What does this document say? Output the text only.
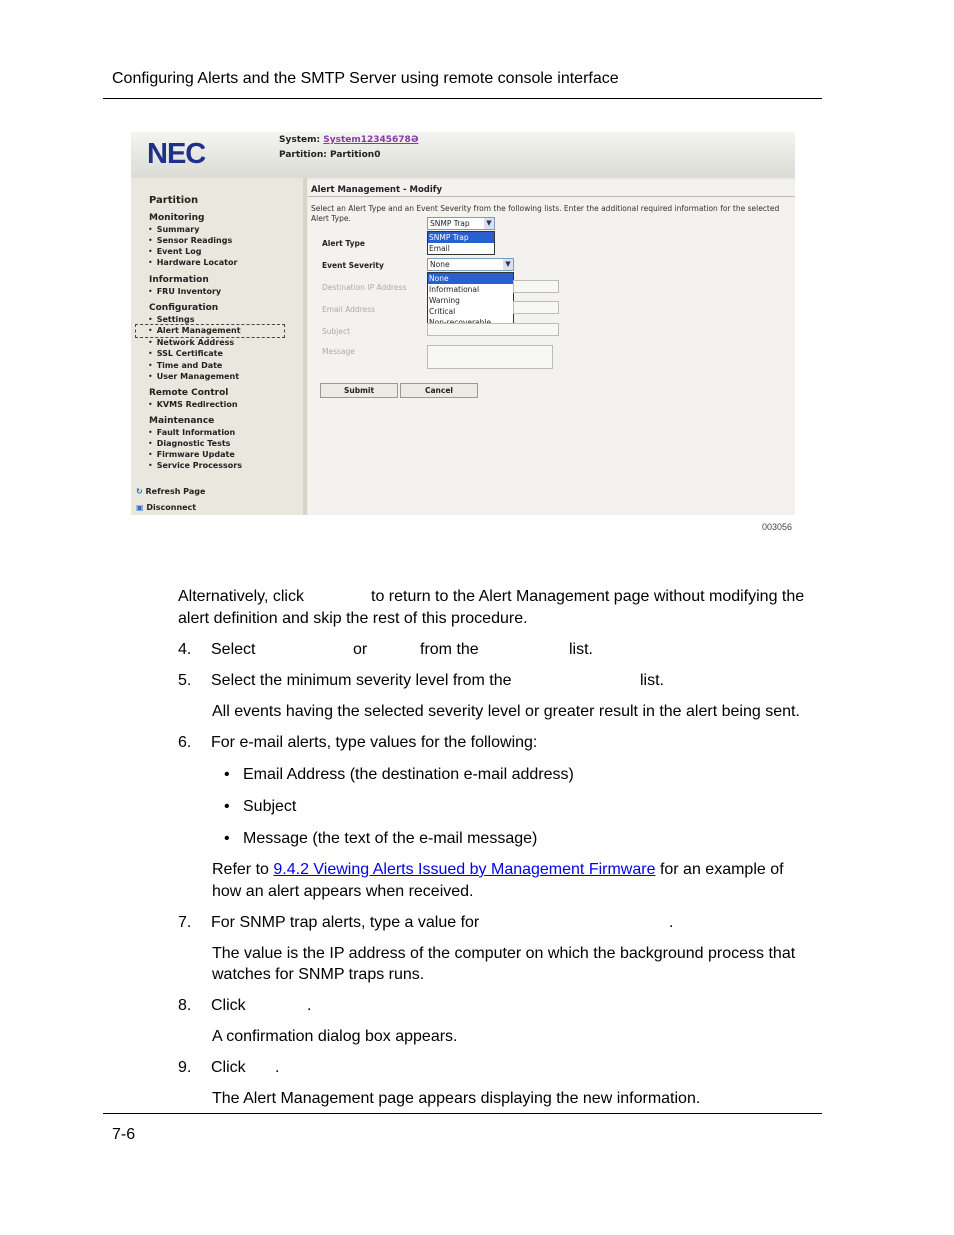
Configuring Alerts and the SMTP Server using remote console interface
NEC	System: System12345678Ə
Partition: Partition0
Partition
Monitoring
• Summary
• Sensor Readings
• Event Log
• Hardware Locator
Information
• FRU Inventory
Configuration
• Settings
• Alert Management
• Network Address
• SSL Certificate
• Time and Date
• User Management
Remote Control
• KVMS Redirection
Maintenance
• Fault Information
• Diagnostic Tests
• Firmware Update
• Service Processors
↻ Refresh Page
▣ Disconnect
Alert Management - Modify
Select an Alert Type and an Event Severity from the following lists. Enter the additional required information for the selected Alert Type.
Alert Type
SNMP Trap	▼
SNMP Trap
Email
Event Severity	None	▼
None
Informational
Warning
Critical
Destination IP Address
Email Address
Subject
Message
Submit	Cancel
003056
Alternatively, click	to return to the Alert Management page without modifying the
alert definition and skip the rest of this procedure.
4. Select	or	from the	list.
5. Select the minimum severity level from the	list.
All events having the selected severity level or greater result in the alert being sent.
6. For e-mail alerts, type values for the following:
• Email Address (the destination e-mail address)
• Subject
• Message (the text of the e-mail message)
Refer to 9.4.2 Viewing Alerts Issued by Management Firmware for an example of
how an alert appears when received.
7. For SNMP trap alerts, type a value for	.
The value is the IP address of the computer on which the background process that
watches for SNMP traps runs.
8. Click	.
A confirmation dialog box appears.
9. Click .
The Alert Management page appears displaying the new information.
7-6
